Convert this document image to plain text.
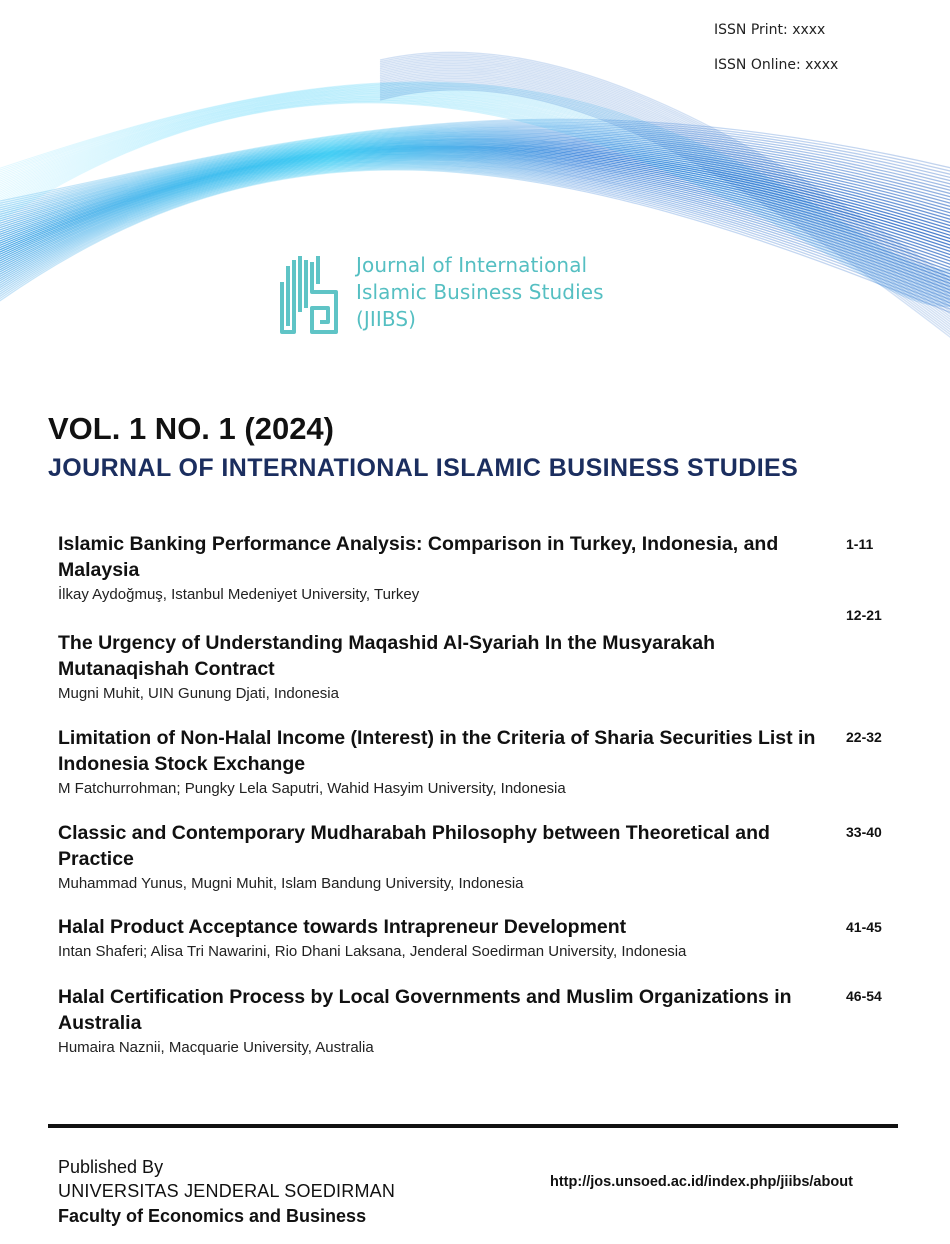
ISSN Print: xxxx
ISSN Online: xxxx
Journal of International
Islamic Business Studies
(JIIBS)
VOL. 1 NO. 1 (2024)
JOURNAL OF INTERNATIONAL ISLAMIC BUSINESS STUDIES
Islamic Banking Performance Analysis: Comparison in Turkey, Indonesia, and Malaysia
İlkay Aydoğmuş, Istanbul Medeniyet University, Turkey
1-11
The Urgency of Understanding Maqashid Al-Syariah In the Musyarakah Mutanaqishah Contract
Mugni Muhit, UIN Gunung Djati, Indonesia
12-21
Limitation of Non-Halal Income (Interest) in the Criteria of Sharia Securities List in Indonesia Stock Exchange
M Fatchurrohman; Pungky Lela Saputri, Wahid Hasyim University, Indonesia
22-32
Classic and Contemporary Mudharabah Philosophy between Theoretical and Practice
Muhammad Yunus, Mugni Muhit, Islam Bandung University, Indonesia
33-40
Halal Product Acceptance towards Intrapreneur Development
Intan Shaferi; Alisa Tri Nawarini, Rio Dhani Laksana, Jenderal Soedirman University, Indonesia
41-45
Halal Certification Process by Local Governments and Muslim Organizations in Australia
Humaira Naznii, Macquarie University, Australia
46-54
Published By
UNIVERSITAS JENDERAL SOEDIRMAN
Faculty of Economics and Business
http://jos.unsoed.ac.id/index.php/jiibs/about
